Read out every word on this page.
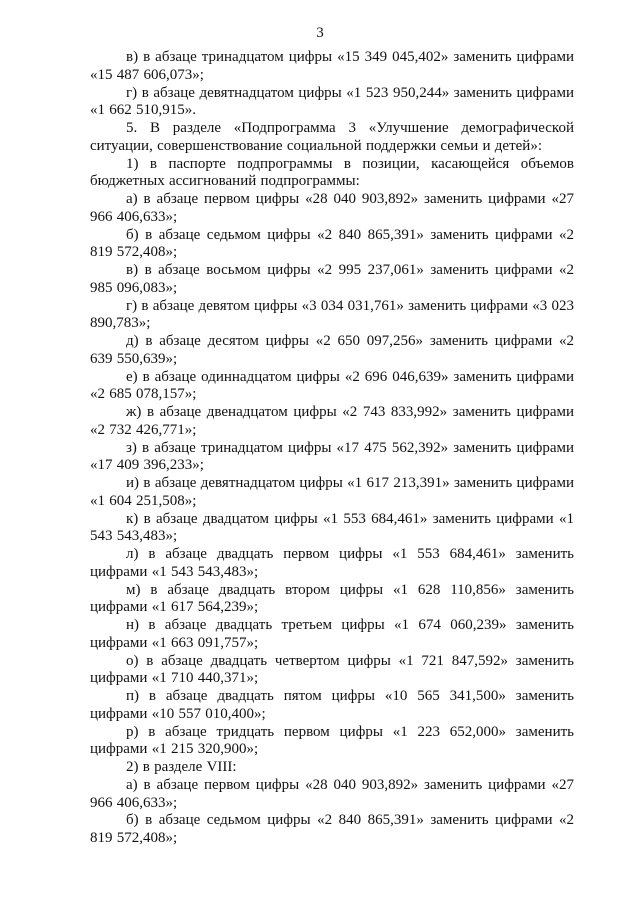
3

в) в абзаце тринадцатом цифры «15 349 045,402» заменить цифрами «15 487 606,073»;

г) в абзаце девятнадцатом цифры «1 523 950,244» заменить цифрами «1 662 510,915».

5. В разделе «Подпрограмма 3 «Улучшение демографической ситуации, совершенствование социальной поддержки семьи и детей»:

1) в паспорте подпрограммы в позиции, касающейся объемов бюджетных ассигнований подпрограммы:

а) в абзаце первом цифры «28 040 903,892» заменить цифрами «27 966 406,633»;

б) в абзаце седьмом цифры «2 840 865,391» заменить цифрами «2 819 572,408»;

в) в абзаце восьмом цифры «2 995 237,061» заменить цифрами «2 985 096,083»;

г) в абзаце девятом цифры «3 034 031,761» заменить цифрами «3 023 890,783»;

д) в абзаце десятом цифры «2 650 097,256» заменить цифрами «2 639 550,639»;

е) в абзаце одиннадцатом цифры «2 696 046,639» заменить цифрами «2 685 078,157»;

ж) в абзаце двенадцатом цифры «2 743 833,992» заменить цифрами «2 732 426,771»;

з) в абзаце тринадцатом цифры «17 475 562,392» заменить цифрами «17 409 396,233»;

и) в абзаце девятнадцатом цифры «1 617 213,391» заменить цифрами «1 604 251,508»;

к) в абзаце двадцатом цифры «1 553 684,461» заменить цифрами «1 543 543,483»;

л) в абзаце двадцать первом цифры «1 553 684,461» заменить цифрами «1 543 543,483»;

м) в абзаце двадцать втором цифры «1 628 110,856» заменить цифрами «1 617 564,239»;

н) в абзаце двадцать третьем цифры «1 674 060,239» заменить цифрами «1 663 091,757»;

о) в абзаце двадцать четвертом цифры «1 721 847,592» заменить цифрами «1 710 440,371»;

п) в абзаце двадцать пятом цифры «10 565 341,500» заменить цифрами «10 557 010,400»;

р) в абзаце тридцать первом цифры «1 223 652,000» заменить цифрами «1 215 320,900»;

2) в разделе VIII:

а) в абзаце первом цифры «28 040 903,892» заменить цифрами «27 966 406,633»;

б) в абзаце седьмом цифры «2 840 865,391» заменить цифрами «2 819 572,408»;
